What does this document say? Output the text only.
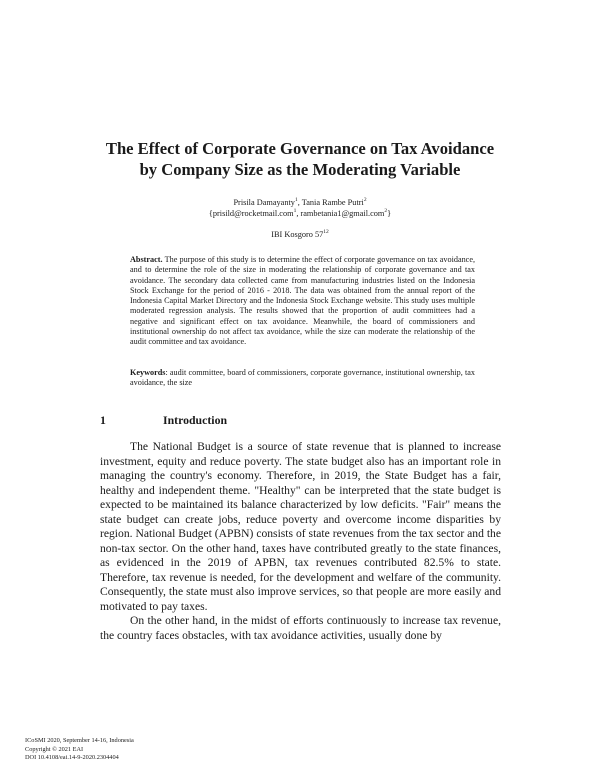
The Effect of Corporate Governance on Tax Avoidance
by Company Size as the Moderating Variable
Prisila Damayanty$^1$, Tania Rambe Putri$^2$
{prisild@rocketmail.com$^1$, rambetania1@gmail.com$^2$}
IBI Kosgoro $57^{12}$
Abstract. The purpose of this study is to determine the effect of corporate governance on tax avoidance, and to determine the role of the size in moderating the relationship of corporate governance and tax avoidance. The secondary data collected came from manufacturing industries listed on the Indonesia Stock Exchange for the period of 2016 - 2018. The data was obtained from the annual report of the Indonesia Capital Market Directory and the Indonesia Stock Exchange website. This study uses multiple moderated regression analysis. The results showed that the proportion of audit committees had a negative and significant effect on tax avoidance. Meanwhile, the board of commissioners and institutional ownership do not affect tax avoidance, while the size can moderate the relationship of the audit committee and tax avoidance.
Keywords: audit committee, board of commissioners, corporate governance, institutional ownership, tax avoidance, the size
1	Introduction

The National Budget is a source of state revenue that is planned to increase investment, equity and reduce poverty. The state budget also has an important role in managing the country's economy. Therefore, in 2019, the State Budget has a fair, healthy and independent theme. "Healthy" can be interpreted that the state budget is expected to be maintained its balance characterized by low deficits. "Fair" means the state budget can create jobs, reduce poverty and overcome income disparities by region. National Budget (APBN) consists of state revenues from the tax sector and the non-tax sector. On the other hand, taxes have contributed greatly to the state finances, as evidenced in the 2019 of APBN, tax revenues contributed 82.5% to state. Therefore, tax revenue is needed, for the development and welfare of the community. Consequently, the state must also improve services, so that people are more easily and motivated to pay taxes.

On the other hand, in the midst of efforts continuously to increase tax revenue, the country faces obstacles, with tax avoidance activities, usually done by

ICoSMI 2020, September 14-16, Indonesia
Copyright © 2021 EAI
DOI 10.4108/eai.14-9-2020.2304404
